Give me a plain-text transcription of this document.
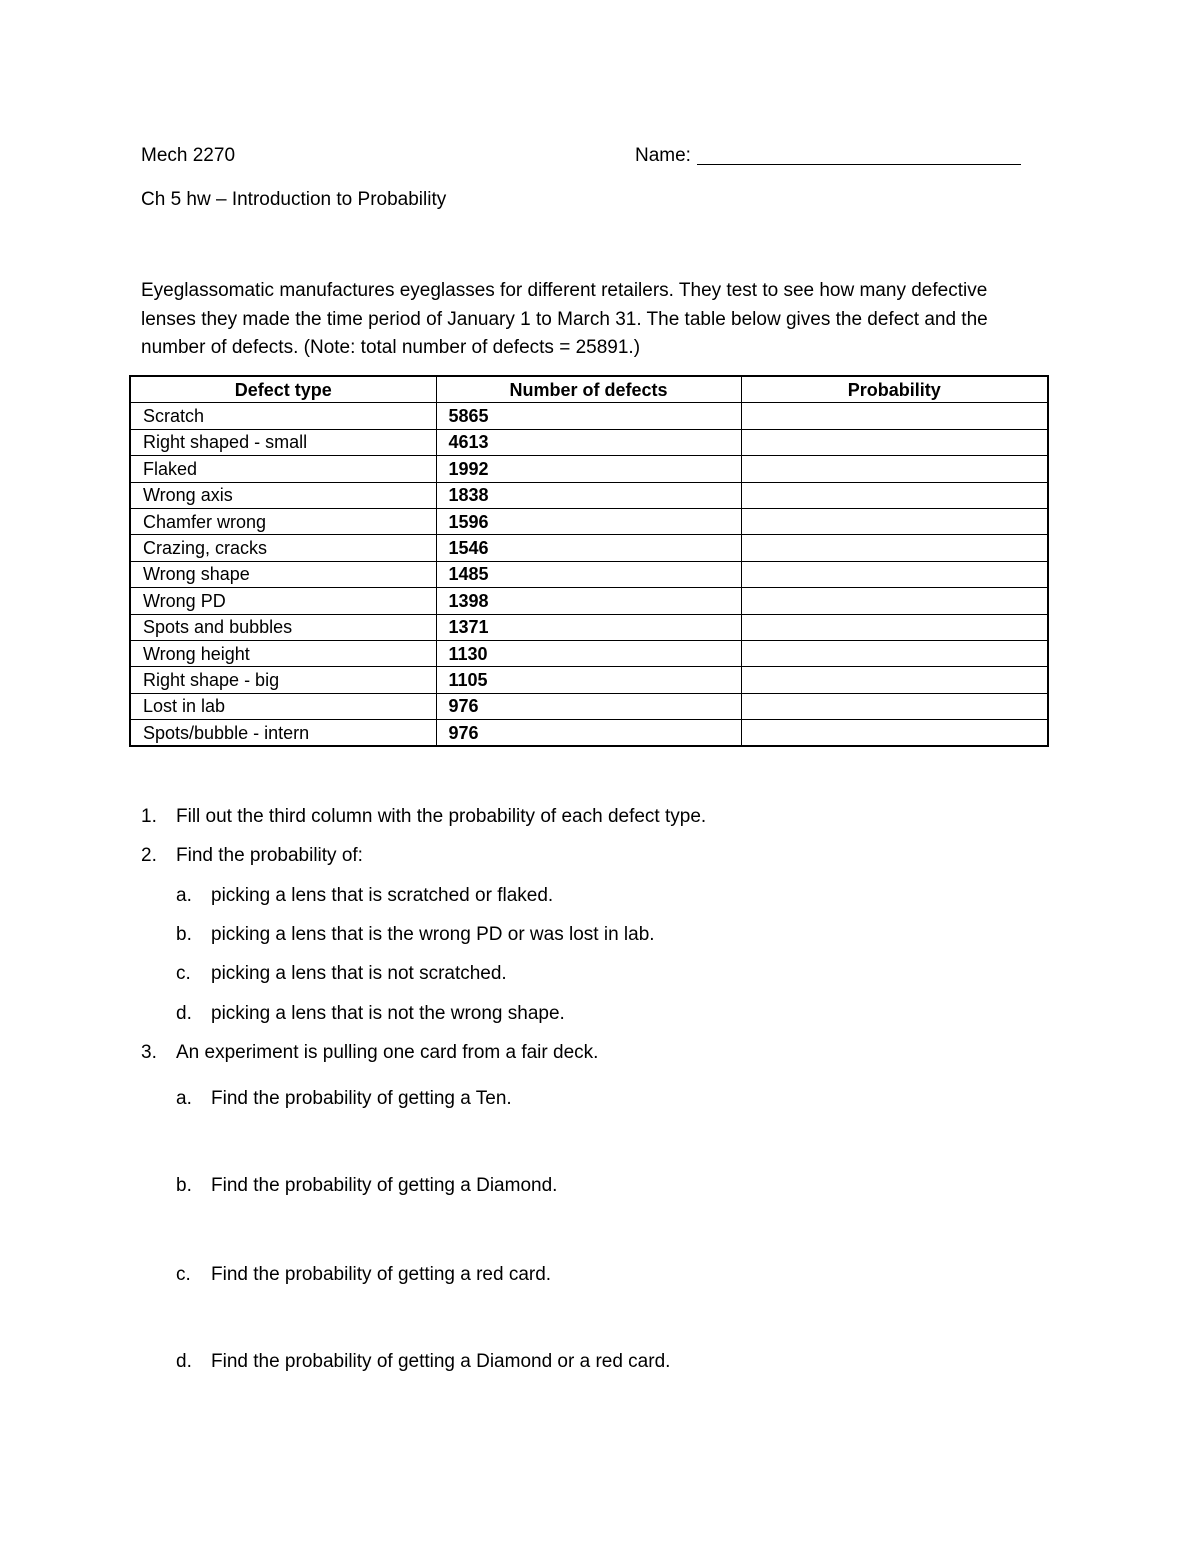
Mech 2270	Name:
Ch 5 hw – Introduction to Probability
Eyeglassomatic manufactures eyeglasses for different retailers. They test to see how many defective
lenses they made the time period of January 1 to March 31. The table below gives the defect and the
number of defects. (Note: total number of defects = 25891.)
Defect type	Number of defects	Probability
Scratch	5865	
Right shaped - small	4613	
Flaked	1992	
Wrong axis	1838	
Chamfer wrong	1596	
Crazing, cracks	1546	
Wrong shape	1485	
Wrong PD	1398	
Spots and bubbles	1371	
Wrong height	1130	
Right shape - big	1105	
Lost in lab	976	
Spots/bubble - intern	976	
1. Fill out the third column with the probability of each defect type.
2. Find the probability of:
a. picking a lens that is scratched or flaked.
b. picking a lens that is the wrong PD or was lost in lab.
c. picking a lens that is not scratched.
d. picking a lens that is not the wrong shape.
3. An experiment is pulling one card from a fair deck.
a. Find the probability of getting a Ten.
b. Find the probability of getting a Diamond.
c. Find the probability of getting a red card.
d. Find the probability of getting a Diamond or a red card.
